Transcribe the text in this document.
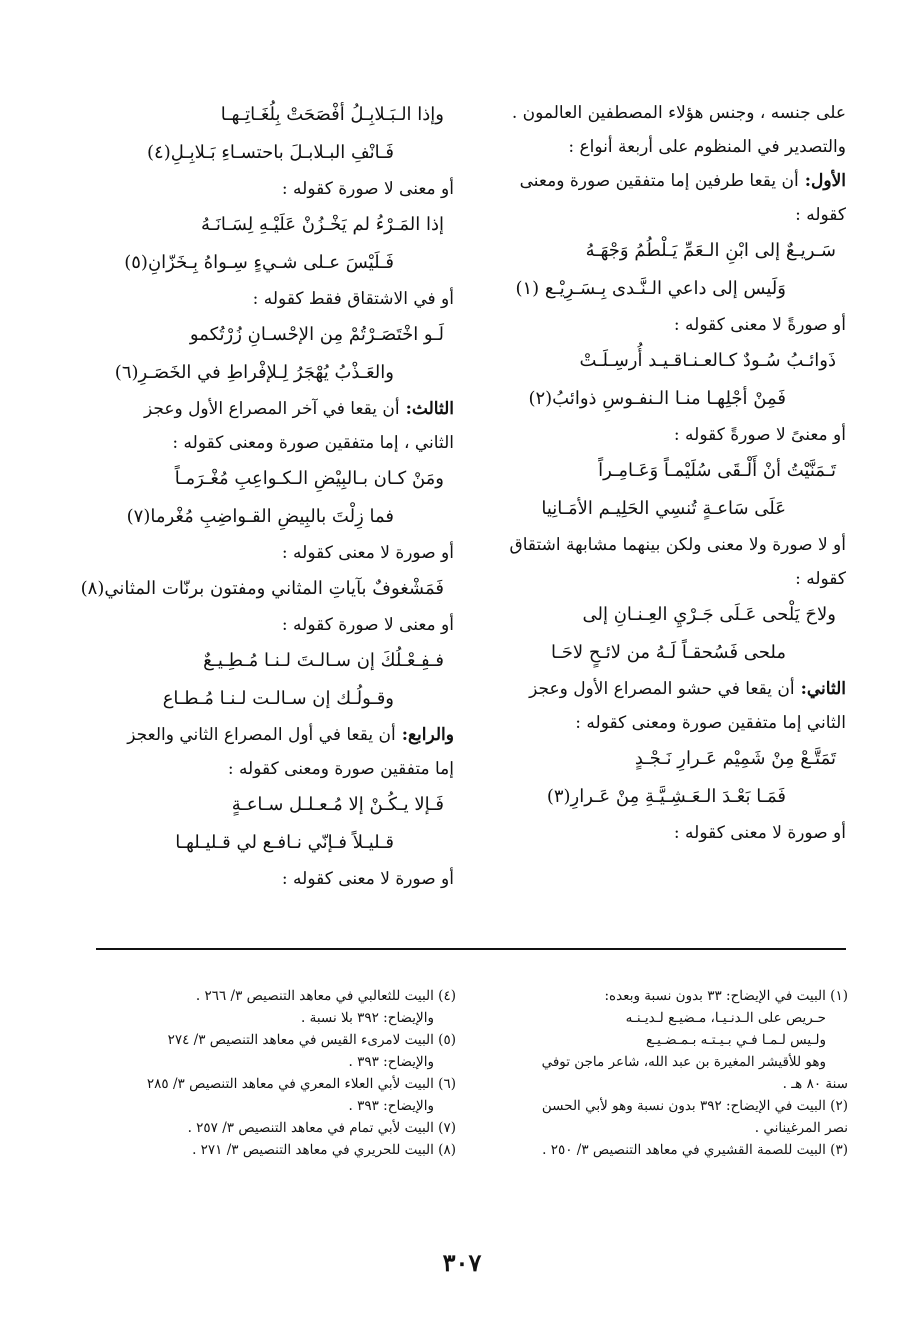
على جنسه ، وجنس هؤلاء المصطفين العالمون .
والتصدير في المنظوم على أربعة أنواع :
الأول:
أن يقعا طرفين إما متفقين صورة ومعنى
كقوله :
سَـريـعٌ إلى ابْنِ الـعَمِّ يَـلْطُمُ وَجْهَـهُ
وَلَيس إلى داعي الـنَّـدى بِـسَـرِيْـع (١)
أو صورةً لا معنى كقوله :
ذَوائـبُ سُـودٌ كـالعـنـاقـيـد أُرسِـلَـتْ
فَمِنْ أجْلِهـا منـا الـنفـوسِ ذوائبُ(٢)
أو معنىً لا صورةً كقوله :
تَـمَنَّيْتُ أنْ أَلْـقَى سُلَيْمـاً وَعَـامِـراً
عَلَى سَاعـةٍ تُنسِي الحَلِيـم الأمَـانِيا
أو لا صورة ولا معنى ولكن بينهما مشابهة اشتقاق
كقوله :
ولاحَ يَلْحى عَـلَى جَـرْيِ العِـنـانِ إلى
ملحى فَسُحقـاً لَـهُ من لائـحٍ لاحَـا
الثاني:
أن يقعا في حشو المصراع الأول وعجز
الثاني إما متفقين صورة ومعنى كقوله :
تَمَتَّـعْ مِنْ شَمِيْم عَـرارِ نَـجْـدٍ
فَمَـا بَعْـدَ الـعَـشِـيَّـةِ مِنْ عَـرارِ(٣)
أو صورة لا معنى كقوله :
وإذا الـبَـلابِـلُ أفْصَحَتْ بِلُغَـاتِـهـا
فَـانْفِ البـلابـلَ باحتسـاءِ بَـلابِـلِ(٤)
أو معنى لا صورة كقوله :
إذا المَـرْءُ لم يَخْـزُنْ عَلَيْـهِ لِسَـانَـهُ
فَـلَيْسَ عـلى شـيءٍ سِـواهُ بِـخَزّانِ(٥)
أو في الاشتقاق فقط كقوله :
لَـو اخْتَصَـرْتُمْ مِن الإحْسـانِ زُرْتُكمو
والعَـذْبُ يُهْجَرُ لِـلإفْراطِ في الخَصَـرِ(٦)
الثالث:
أن يقعا في آخر المصراع الأول وعجز
الثاني ، إما متفقين صورة ومعنى كقوله :
ومَنْ كـان بـالبِيْضِ الـكـواعِبِ مُغْـرَمـاً
فما زِلْتَ بالبِيضِ القـواضِبِ مُغْرما(٧)
أو صورة لا معنى كقوله :
فَمَشْغوفٌ بآياتِ المثاني ومفتون برنّات المثاني(٨)
أو معنى لا صورة كقوله :
فـفِـعْـلُكَ إن سـالـتَ لـنـا مُـطِـيـعٌ
وقـولُـك إن سـالـت لـنـا مُـطـاع
والرابع:
أن يقعا في أول المصراع الثاني والعجز
إما متفقين صورة ومعنى كقوله :
فَـإلا يـكُـنْ إلا مُـعـلـل سـاعـةٍ
قـليـلاً فـإنّي نـافـع لي قـليـلهـا
أو صورة لا معنى كقوله :
(١) البيت في الإيضاح: ٣٣ بدون نسبة وبعده:
حـريص على الـدنـيـا، مـضيـع لـديـنـه
ولـيس لـمـا فـي بـيـتـه بـمـضـيـع
وهو للأقيشر المغيرة بن عبد الله، شاعر ماجن توفي
سنة ٨٠ هـ .
(٢) البيت في الإيضاح: ٣٩٢ بدون نسبة وهو لأبي الحسن
نصر المرغيناني .
(٣) البيت للصمة القشيري في معاهد التنصيص ٣/ ٢٥٠ .
(٤) البيت للثعالبي في معاهد التنصيص ٣/ ٢٦٦ .
والإيضاح: ٣٩٢ بلا نسبة .
(٥) البيت لامرىء القيس في معاهد التنصيص ٣/ ٢٧٤
والإيضاح: ٣٩٣ .
(٦) البيت لأبي العلاء المعري في معاهد التنصيص ٣/ ٢٨٥
والإيضاح: ٣٩٣ .
(٧) البيت لأبي تمام في معاهد التنصيص ٣/ ٢٥٧ .
(٨) البيت للحريري في معاهد التنصيص ٣/ ٢٧١ .
٣٠٧
